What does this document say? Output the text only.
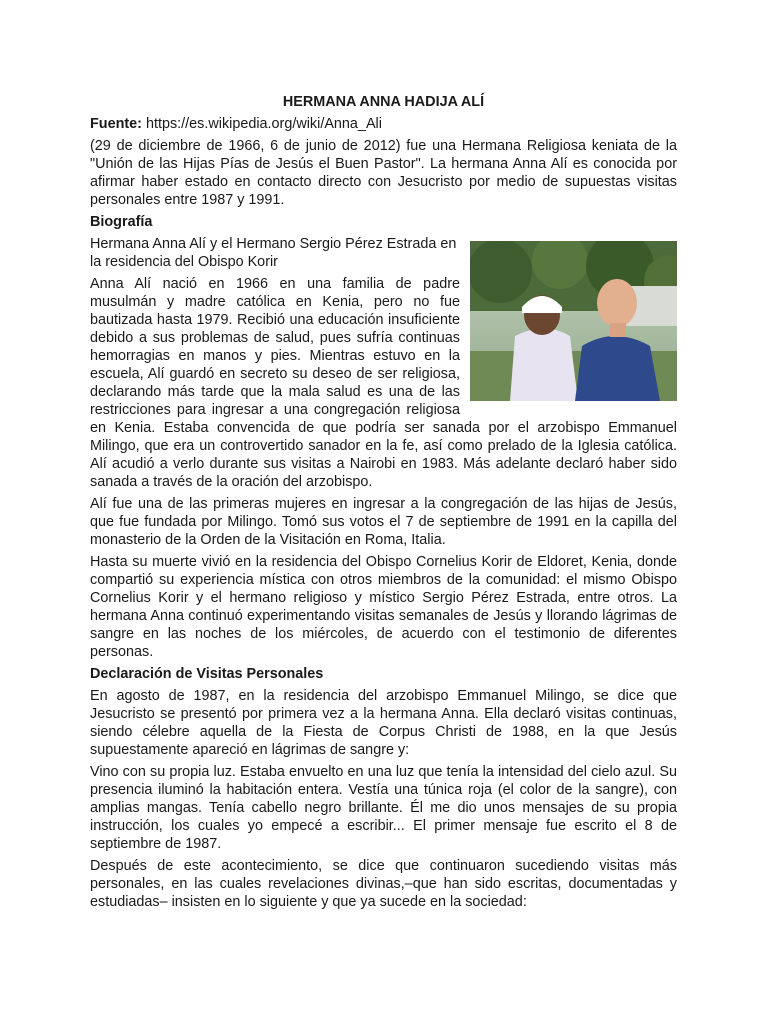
HERMANA ANNA HADIJA ALÍ
Fuente: https://es.wikipedia.org/wiki/Anna_Ali

(29 de diciembre de 1966, 6 de junio de 2012) fue una Hermana Religiosa keniata de la "Unión de las Hijas Pías de Jesús el Buen Pastor". La hermana Anna Alí es conocida por afirmar haber estado en contacto directo con Jesucristo por medio de supuestas visitas personales entre 1987 y 1991.

Biografía

Hermana Anna Alí y el Hermano Sergio Pérez Estrada en la residencia del Obispo Korir

Anna Alí nació en 1966 en una familia de padre musulmán y madre católica en Kenia, pero no fue bautizada hasta 1979. Recibió una educación insuficiente debido a sus problemas de salud, pues sufría continuas hemorragias en manos y pies. Mientras estuvo en la escuela, Alí guardó en secreto su deseo de ser religiosa, declarando más tarde que la mala salud es una de las restricciones para ingresar a una congregación religiosa en Kenia. Estaba convencida de que podría ser sanada por el arzobispo Emmanuel Milingo, que era un controvertido sanador en la fe, así como prelado de la Iglesia católica. Alí acudió a verlo durante sus visitas a Nairobi en 1983. Más adelante declaró haber sido sanada a través de la oración del arzobispo.

Alí fue una de las primeras mujeres en ingresar a la congregación de las hijas de Jesús, que fue fundada por Milingo. Tomó sus votos el 7 de septiembre de 1991 en la capilla del monasterio de la Orden de la Visitación en Roma, Italia.

Hasta su muerte vivió en la residencia del Obispo Cornelius Korir de Eldoret, Kenia, donde compartió su experiencia mística con otros miembros de la comunidad: el mismo Obispo Cornelius Korir y el hermano religioso y místico Sergio Pérez Estrada, entre otros. La hermana Anna continuó experimentando visitas semanales de Jesús y llorando lágrimas de sangre en las noches de los miércoles, de acuerdo con el testimonio de diferentes personas.

Declaración de Visitas Personales

En agosto de 1987, en la residencia del arzobispo Emmanuel Milingo, se dice que Jesucristo se presentó por primera vez a la hermana Anna. Ella declaró visitas continuas, siendo célebre aquella de la Fiesta de Corpus Christi de 1988, en la que Jesús supuestamente apareció en lágrimas de sangre y:

Vino con su propia luz. Estaba envuelto en una luz que tenía la intensidad del cielo azul. Su presencia iluminó la habitación entera. Vestía una túnica roja (el color de la sangre), con amplias mangas. Tenía cabello negro brillante. Él me dio unos mensajes de su propia instrucción, los cuales yo empecé a escribir... El primer mensaje fue escrito el 8 de septiembre de 1987.

Después de este acontecimiento, se dice que continuaron sucediendo visitas más personales, en las cuales revelaciones divinas,–que han sido escritas, documentadas y estudiadas– insisten en lo siguiente y que ya sucede en la sociedad:
